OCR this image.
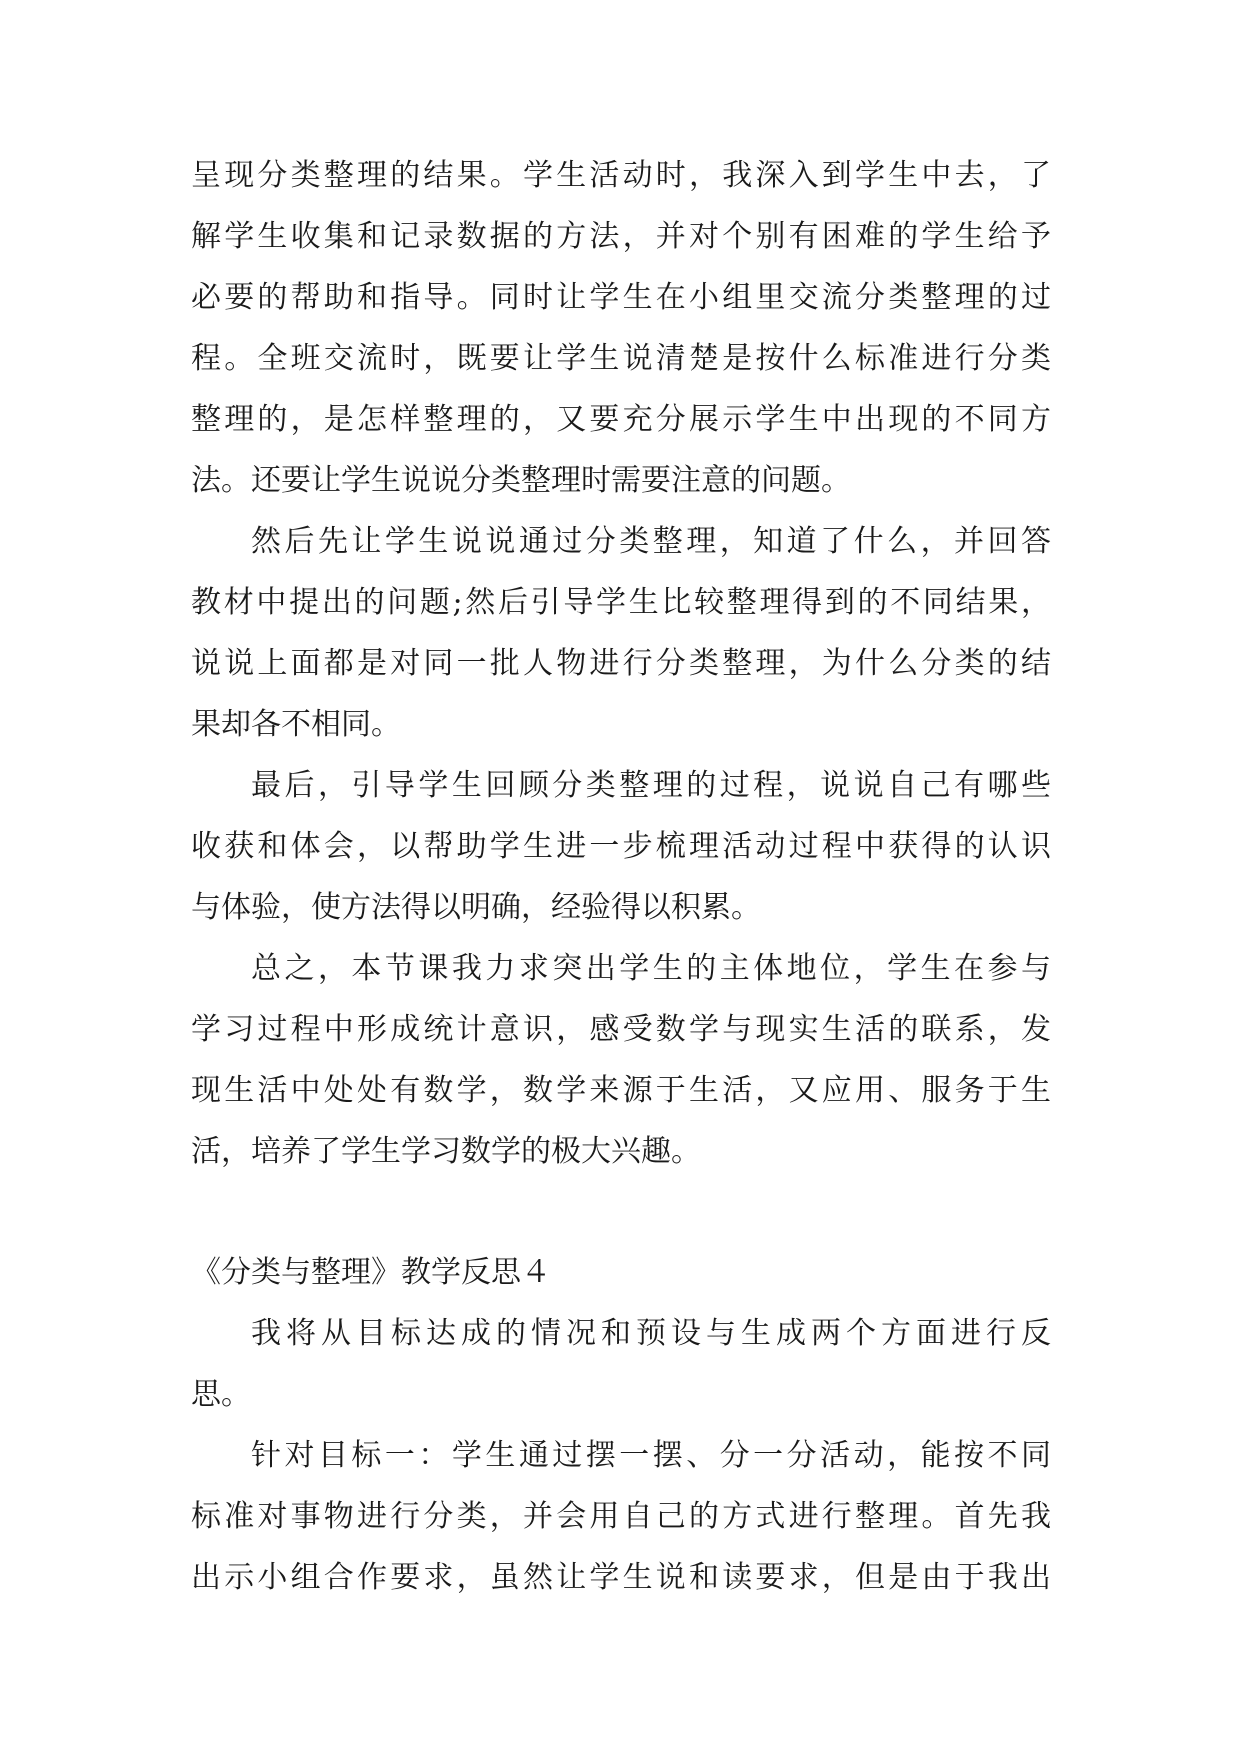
呈现分类整理的结果。学生活动时，我深入到学生中去，了
解学生收集和记录数据的方法，并对个别有困难的学生给予
必要的帮助和指导。同时让学生在小组里交流分类整理的过
程。全班交流时，既要让学生说清楚是按什么标准进行分类
整理的，是怎样整理的，又要充分展示学生中出现的不同方
法。还要让学生说说分类整理时需要注意的问题。
然后先让学生说说通过分类整理，知道了什么，并回答
教材中提出的问题;然后引导学生比较整理得到的不同结果，
说说上面都是对同一批人物进行分类整理，为什么分类的结
果却各不相同。
最后，引导学生回顾分类整理的过程，说说自己有哪些
收获和体会，以帮助学生进一步梳理活动过程中获得的认识
与体验，使方法得以明确，经验得以积累。
总之，本节课我力求突出学生的主体地位，学生在参与
学习过程中形成统计意识，感受数学与现实生活的联系，发
现生活中处处有数学，数学来源于生活，又应用、服务于生
活，培养了学生学习数学的极大兴趣。
《分类与整理》教学反思４
我将从目标达成的情况和预设与生成两个方面进行反
思。
针对目标一：学生通过摆一摆、分一分活动，能按不同
标准对事物进行分类，并会用自己的方式进行整理。首先我
出示小组合作要求，虽然让学生说和读要求，但是由于我出
